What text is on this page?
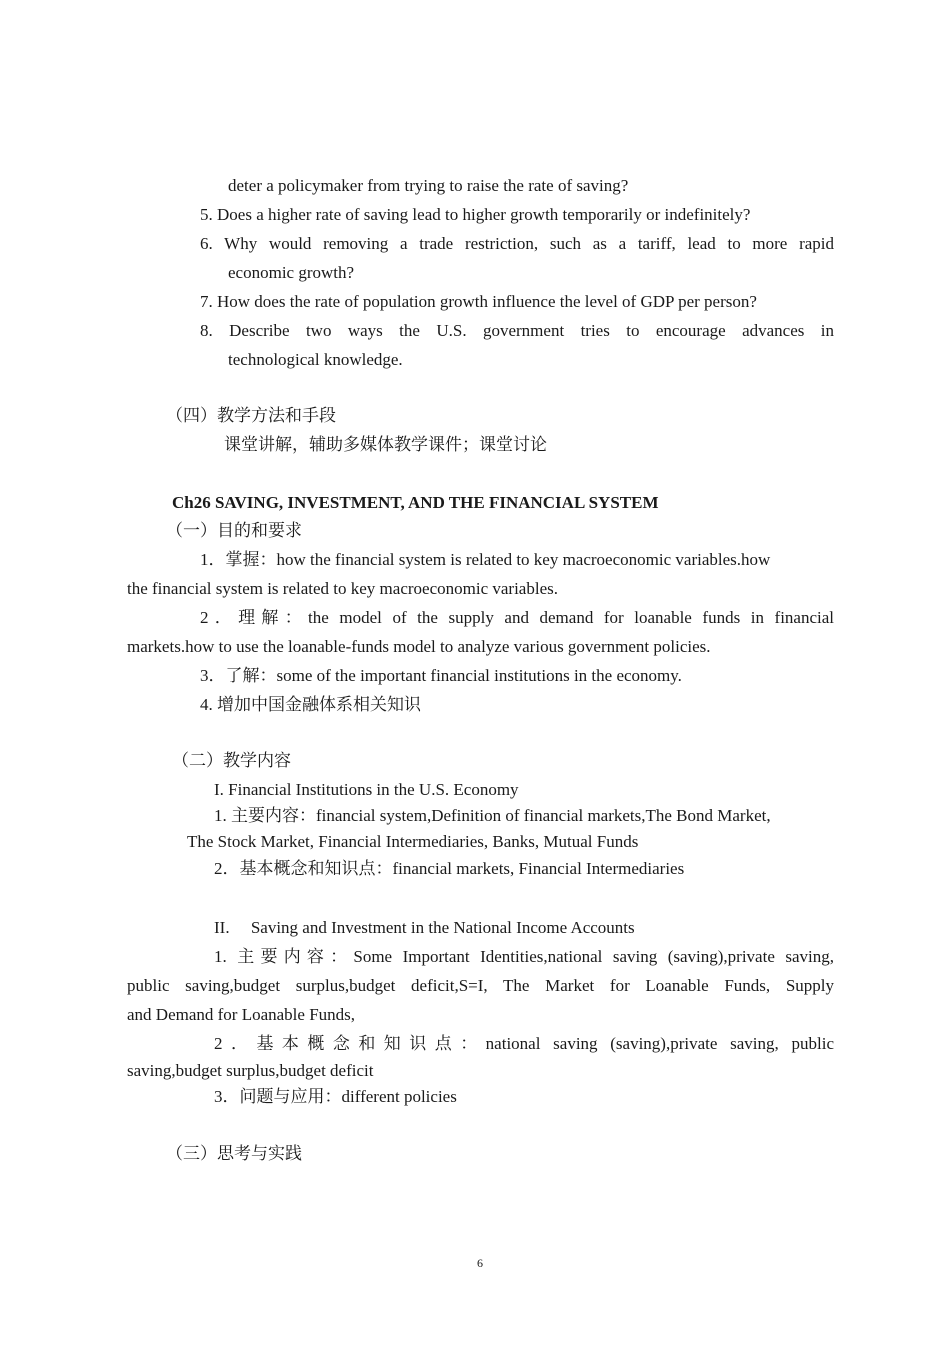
deter a policymaker from trying to raise the rate of saving?
5. Does a higher rate of saving lead to higher growth temporarily or indefinitely?
6. Why would removing a trade restriction, such as a tariff, lead to more rapid
economic growth?
7. How does the rate of population growth influence the level of GDP per person?
8. Describe two ways the U.S. government tries to encourage advances in
technological knowledge.
（四）教学方法和手段
课堂讲解，辅助多媒体教学课件；课堂讨论
Ch26 SAVING, INVESTMENT, AND THE FINANCIAL SYSTEM
（一）目的和要求
1．掌握：how the financial system is related to key macroeconomic variables.how
the financial system is related to key macroeconomic variables.
2．理解：the model of the supply and demand for loanable funds in financial
markets.how to use the loanable-funds model to analyze various government policies.
3．了解：some of the important financial institutions in the economy.
4. 增加中国金融体系相关知识
（二）教学内容
I. Financial Institutions in the U.S. Economy
1. 主要内容：financial system,Definition of financial markets,The Bond Market,
The Stock Market, Financial Intermediaries, Banks, Mutual Funds
2．基本概念和知识点：financial markets, Financial Intermediaries
II.     Saving and Investment in the National Income Accounts
1. 主要内容：Some Important Identities,national saving (saving),private saving,
public saving,budget surplus,budget deficit,S=I, The Market for Loanable Funds, Supply
and Demand for Loanable Funds,
2．基本概念和知识点：national saving (saving),private saving, public
saving,budget surplus,budget deficit
3．问题与应用：different policies
（三）思考与实践
6
